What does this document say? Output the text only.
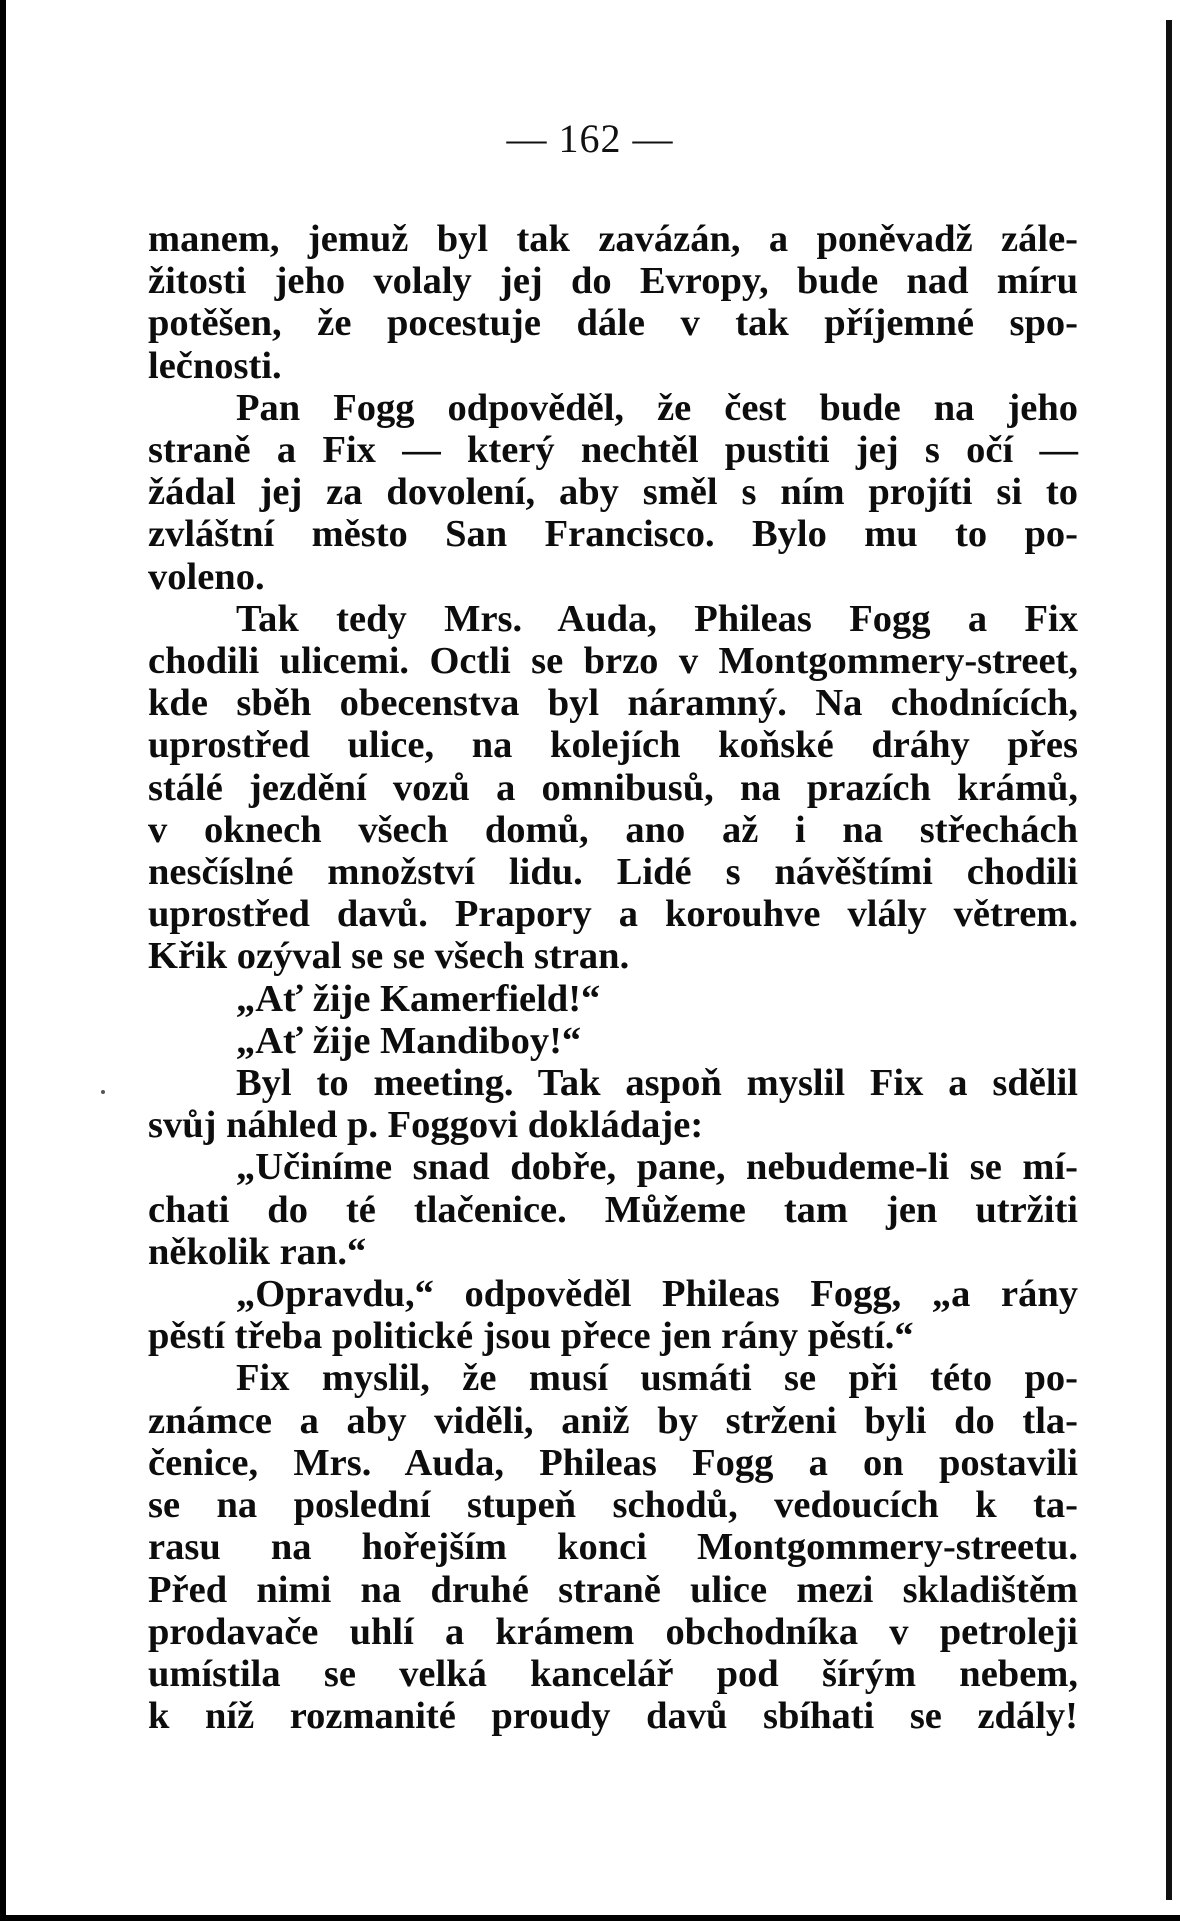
— 162 —
manem, jemuž byl tak zavázán, a poněvadž zále-
žitosti jeho volaly jej do Evropy, bude nad míru
potěšen, že pocestuje dále v tak příjemné spo-
lečnosti.
Pan Fogg odpověděl, že čest bude na jeho
straně a Fix — který nechtěl pustiti jej s očí —
žádal jej za dovolení, aby směl s ním projíti si to
zvláštní město San Francisco. Bylo mu to po-
voleno.
Tak tedy Mrs. Auda, Phileas Fogg a Fix
chodili ulicemi. Octli se brzo v Montgommery-street,
kde sběh obecenstva byl náramný. Na chodnících,
uprostřed ulice, na kolejích koňské dráhy přes
stálé jezdění vozů a omnibusů, na prazích krámů,
v oknech všech domů, ano až i na střechách
nesčíslné množství lidu. Lidé s návěštími chodili
uprostřed davů. Prapory a korouhve vlály větrem.
Křik ozýval se se všech stran.
„Ať žije Kamerfield!“
„Ať žije Mandiboy!“
Byl to meeting. Tak aspoň myslil Fix a sdělil
svůj náhled p. Foggovi dokládaje:
„Učiníme snad dobře, pane, nebudeme-li se mí-
chati do té tlačenice. Můžeme tam jen utržiti
několik ran.“
„Opravdu,“ odpověděl Phileas Fogg, „a rány
pěstí třeba politické jsou přece jen rány pěstí.“
Fix myslil, že musí usmáti se při této po-
známce a aby viděli, aniž by strženi byli do tla-
čenice, Mrs. Auda, Phileas Fogg a on postavili
se na poslední stupeň schodů, vedoucích k ta-
rasu na hořejším konci Montgommery-streetu.
Před nimi na druhé straně ulice mezi skladištěm
prodavače uhlí a krámem obchodníka v petroleji
umístila se velká kancelář pod šírým nebem,
k níž rozmanité proudy davů sbíhati se zdály!
